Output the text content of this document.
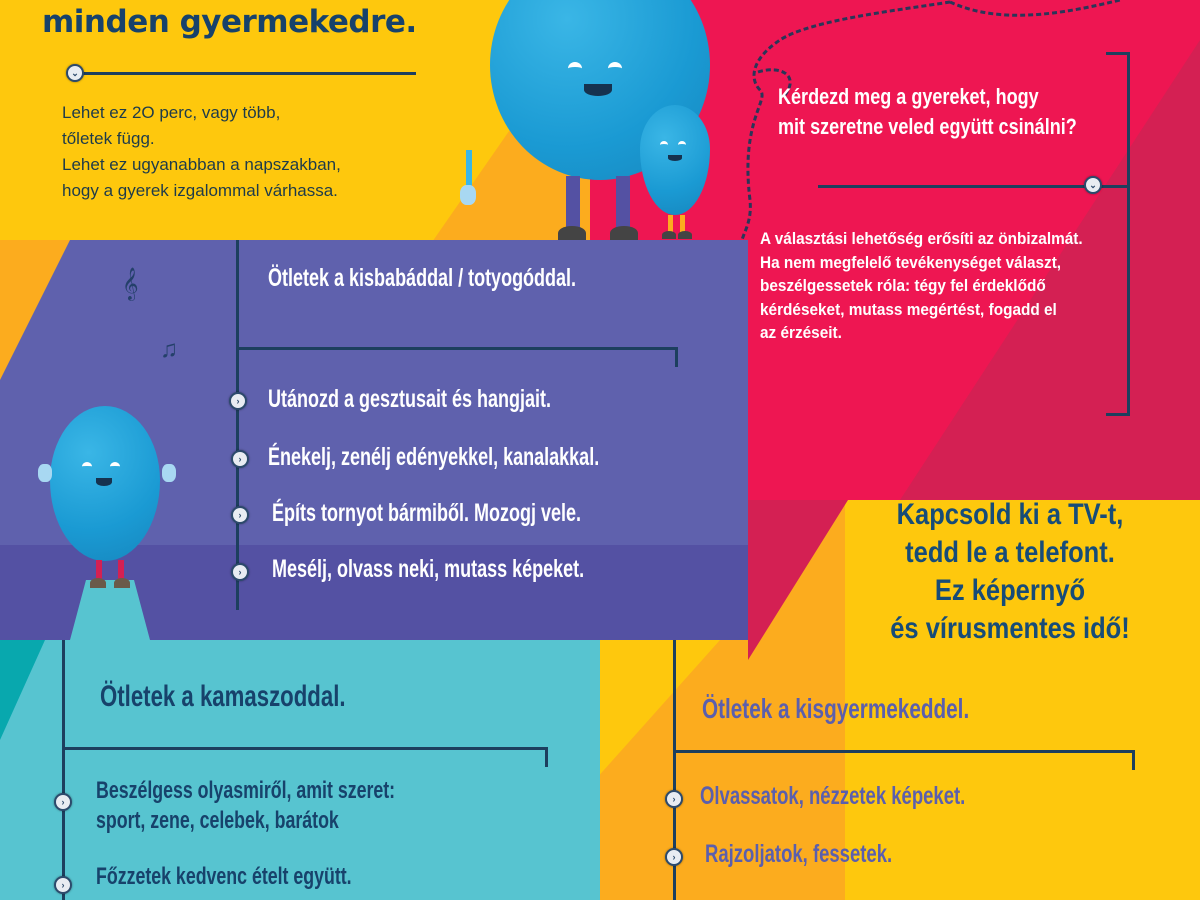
minden gyermekedre.
⌄
Lehet ez 2O perc, vagy több,
tőletek függ.
Lehet ez ugyanabban a napszakban,
hogy a gyerek izgalommal várhassa.
Kérdezd meg a gyereket, hogy
mit szeretne veled együtt csinálni?
⌄
A választási lehetőség erősíti az önbizalmát.
Ha nem megfelelő tevékenységet választ,
beszélgessetek róla: tégy fel érdeklődő
kérdéseket, mutass megértést, fogadd el
az érzéseit.
𝄞
♫
Ötletek a kisbabáddal / totyogóddal.
›	Utánozd a gesztusait és hangjait.
›	Énekelj, zenélj edényekkel, kanalakkal.
›	Építs tornyot bármiből. Mozogj vele.
›	Mesélj, olvass neki, mutass képeket.
Kapcsold ki a TV-t,
tedd le a telefont.
Ez képernyő
és vírusmentes idő!
Ötletek a kamaszoddal.
›	Beszélgess olyasmiről, amit szeret:
sport, zene, celebek, barátok
›	Főzzetek kedvenc ételt együtt.
Ötletek a kisgyermekeddel.
› Olvassatok, nézzetek képeket.
›	Rajzoljatok, fessetek.
